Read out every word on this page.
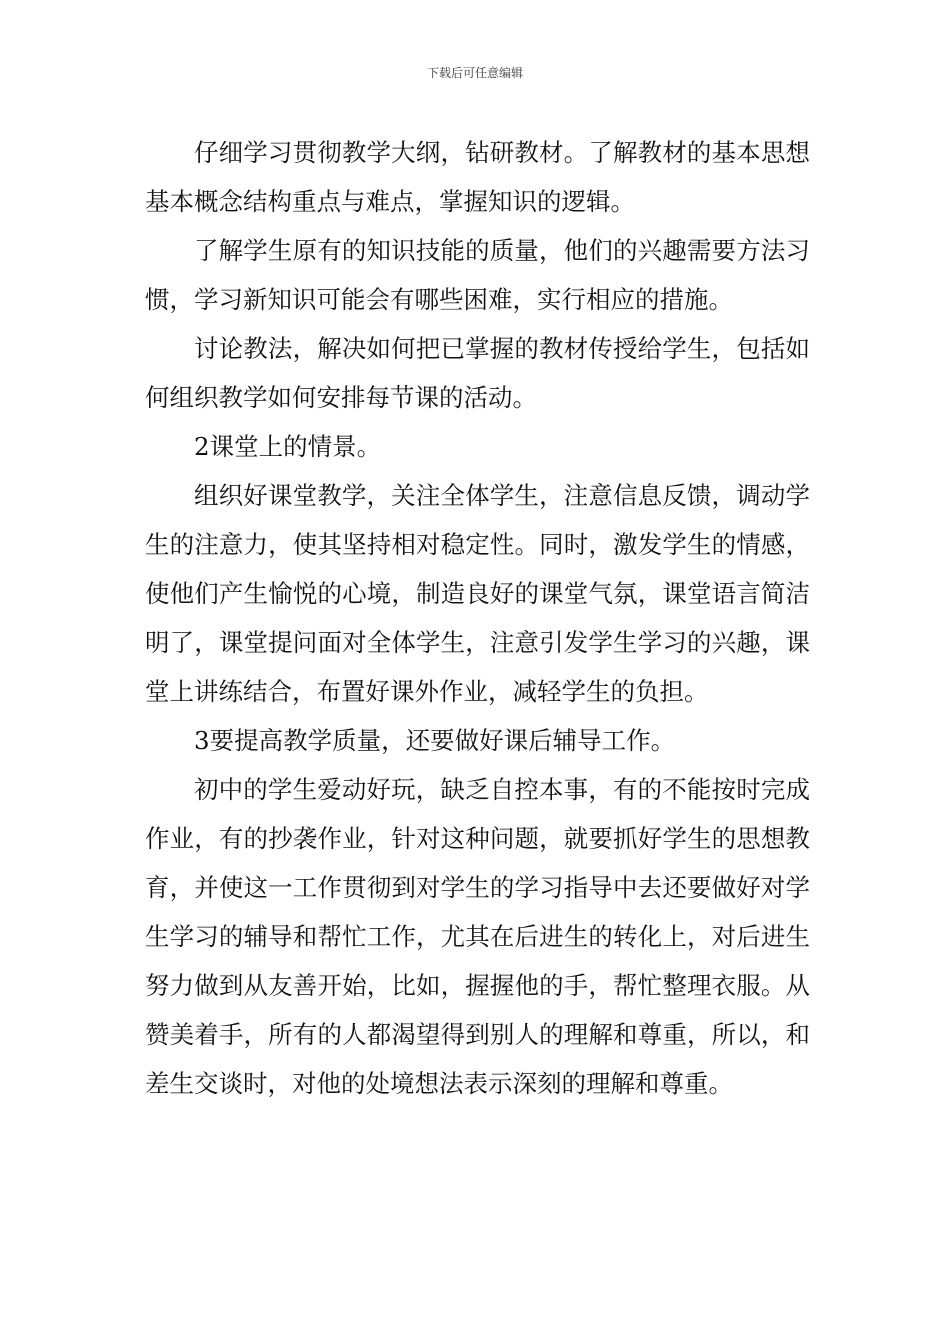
下载后可任意编辑

仔细学习贯彻教学大纲，钻研教材。了解教材的基本思想基本概念结构重点与难点，掌握知识的逻辑。

了解学生原有的知识技能的质量，他们的兴趣需要方法习惯，学习新知识可能会有哪些困难，实行相应的措施。

讨论教法，解决如何把已掌握的教材传授给学生，包括如何组织教学如何安排每节课的活动。

2课堂上的情景。

组织好课堂教学，关注全体学生，注意信息反馈，调动学生的注意力，使其坚持相对稳定性。同时，激发学生的情感，使他们产生愉悦的心境，制造良好的课堂气氛，课堂语言简洁明了，课堂提问面对全体学生，注意引发学生学习的兴趣，课堂上讲练结合，布置好课外作业，减轻学生的负担。

3要提高教学质量，还要做好课后辅导工作。

初中的学生爱动好玩，缺乏自控本事，有的不能按时完成作业，有的抄袭作业，针对这种问题，就要抓好学生的思想教育，并使这一工作贯彻到对学生的学习指导中去还要做好对学生学习的辅导和帮忙工作，尤其在后进生的转化上，对后进生努力做到从友善开始，比如，握握他的手，帮忙整理衣服。从赞美着手，所有的人都渴望得到别人的理解和尊重，所以，和差生交谈时，对他的处境想法表示深刻的理解和尊重。
